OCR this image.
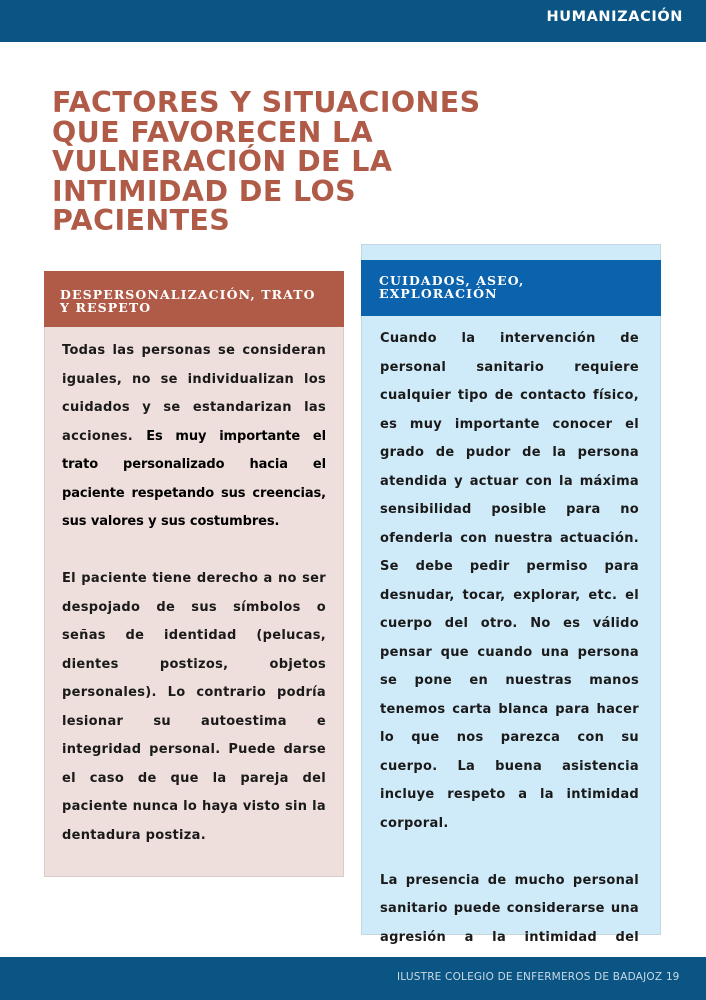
HUMANIZACIÓN
FACTORES Y SITUACIONES
QUE FAVORECEN LA
VULNERACIÓN DE LA
INTIMIDAD DE LOS
PACIENTES
DESPERSONALIZACIÓN, TRATO
Y RESPETO

Todas las personas se consideran iguales, no se individualizan los cuidados y se estandarizan las acciones. Es muy importante el trato personalizado hacia el paciente respetando sus creencias, sus valores y sus costumbres.

El paciente tiene derecho a no ser despojado de sus símbolos o señas de identidad (pelucas, dientes postizos, objetos personales). Lo contrario podría lesionar su autoestima e integridad personal. Puede darse el caso de que la pareja del paciente nunca lo haya visto sin la dentadura postiza.

CUIDADOS, ASEO,
EXPLORACIÓN

Cuando la intervención de personal sanitario requiere cualquier tipo de contacto físico, es muy importante conocer el grado de pudor de la persona atendida y actuar con la máxima sensibilidad posible para no ofenderla con nuestra actuación. Se debe pedir permiso para desnudar, tocar, explorar, etc. el cuerpo del otro. No es válido pensar que cuando una persona se pone en nuestras manos tenemos carta blanca para hacer lo que nos parezca con su cuerpo. La buena asistencia incluye respeto a la intimidad corporal.

La presencia de mucho personal sanitario puede considerarse una agresión a la intimidad del

ILUSTRE COLEGIO DE ENFERMEROS DE BADAJOZ 19
